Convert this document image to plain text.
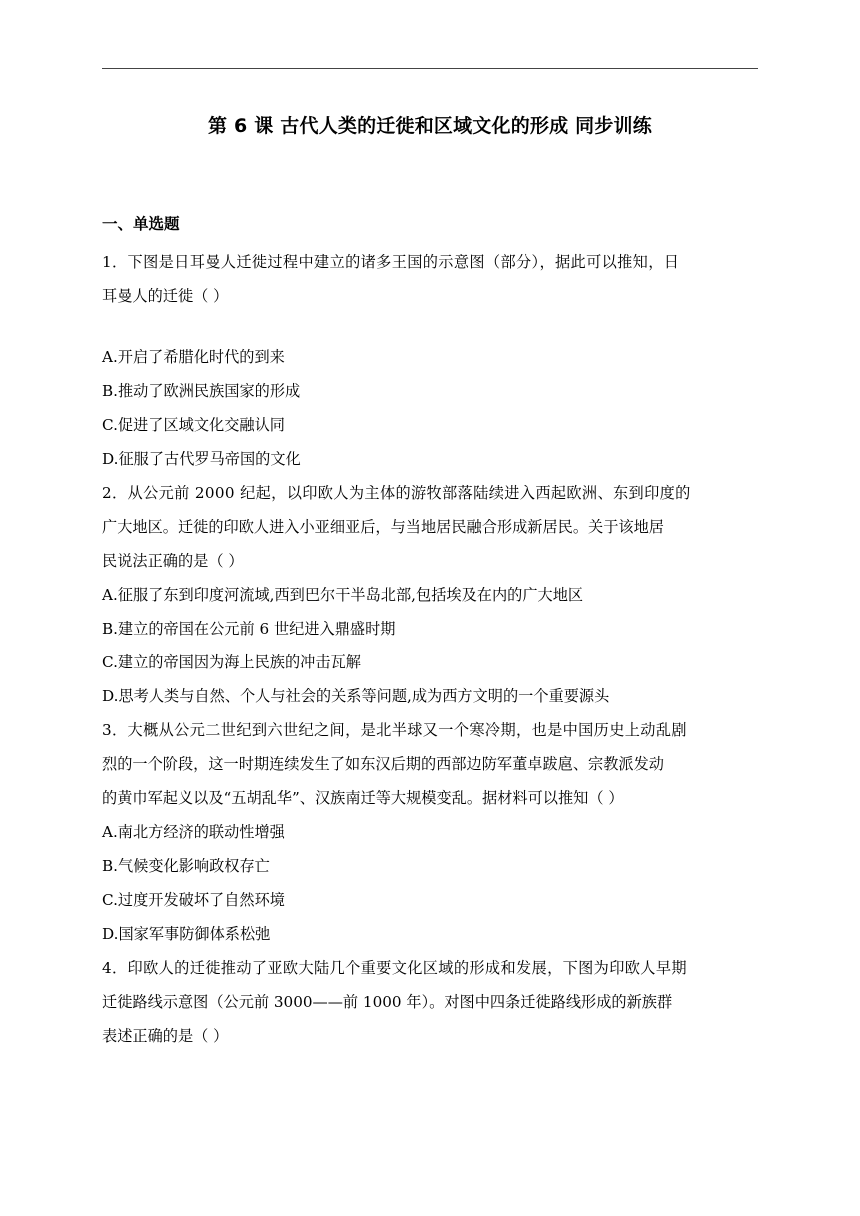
第 6 课 古代人类的迁徙和区域文化的形成 同步训练
一、单选题
1．下图是日耳曼人迁徙过程中建立的诸多王国的示意图（部分），据此可以推知，日
耳曼人的迁徙（ ）
A.开启了希腊化时代的到来
B.推动了欧洲民族国家的形成
C.促进了区域文化交融认同
D.征服了古代罗马帝国的文化
2．从公元前 2000 纪起，以印欧人为主体的游牧部落陆续进入西起欧洲、东到印度的
广大地区。迁徙的印欧人进入小亚细亚后，与当地居民融合形成新居民。关于该地居
民说法正确的是（ ）
A.征服了东到印度河流域,西到巴尔干半岛北部,包括埃及在内的广大地区
B.建立的帝国在公元前 6 世纪进入鼎盛时期
C.建立的帝国因为海上民族的冲击瓦解
D.思考人类与自然、个人与社会的关系等问题,成为西方文明的一个重要源头
3．大概从公元二世纪到六世纪之间，是北半球又一个寒冷期，也是中国历史上动乱剧
烈的一个阶段，这一时期连续发生了如东汉后期的西部边防军董卓跋扈、宗教派发动
的黄巾军起义以及“五胡乱华”、汉族南迁等大规模变乱。据材料可以推知（ ）
A.南北方经济的联动性增强
B.气候变化影响政权存亡
C.过度开发破坏了自然环境
D.国家军事防御体系松弛
4．印欧人的迁徙推动了亚欧大陆几个重要文化区域的形成和发展，下图为印欧人早期
迁徙路线示意图（公元前 3000——前 1000 年）。对图中四条迁徙路线形成的新族群
表述正确的是（ ）
